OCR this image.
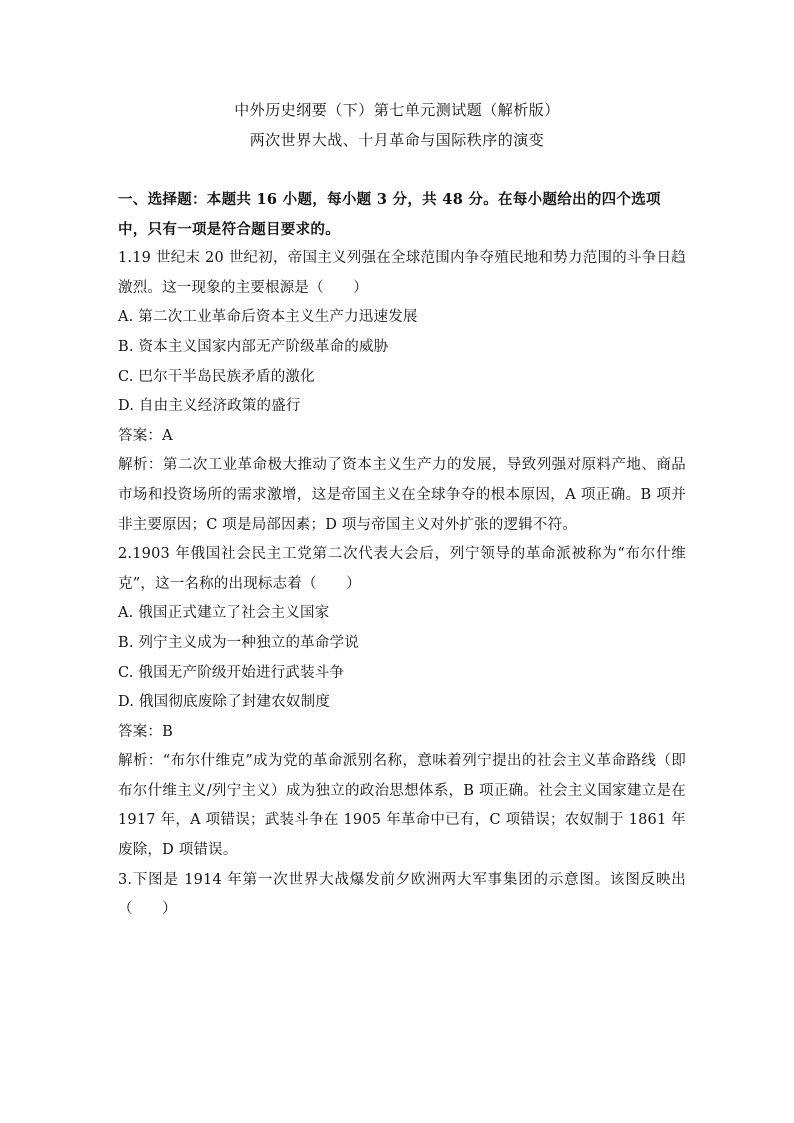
中外历史纲要（下）第七单元测试题（解析版）

两次世界大战、十月革命与国际秩序的演变

一、选择题：本题共 16 小题，每小题 3 分，共 48 分。在每小题给出的四个选项中，只有一项是符合题目要求的。

1.19 世纪末 20 世纪初，帝国主义列强在全球范围内争夺殖民地和势力范围的斗争日趋激烈。这一现象的主要根源是（　　）

A. 第二次工业革命后资本主义生产力迅速发展

B. 资本主义国家内部无产阶级革命的威胁

C. 巴尔干半岛民族矛盾的激化

D. 自由主义经济政策的盛行

答案：A

解析：第二次工业革命极大推动了资本主义生产力的发展，导致列强对原料产地、商品市场和投资场所的需求激增，这是帝国主义在全球争夺的根本原因，A 项正确。B 项并非主要原因；C 项是局部因素；D 项与帝国主义对外扩张的逻辑不符。

2.1903 年俄国社会民主工党第二次代表大会后，列宁领导的革命派被称为“布尔什维克”，这一名称的出现标志着（　　）

A. 俄国正式建立了社会主义国家

B. 列宁主义成为一种独立的革命学说

C. 俄国无产阶级开始进行武装斗争

D. 俄国彻底废除了封建农奴制度

答案：B

解析：“布尔什维克”成为党的革命派别名称，意味着列宁提出的社会主义革命路线（即布尔什维主义/列宁主义）成为独立的政治思想体系，B 项正确。社会主义国家建立是在 1917 年，A 项错误；武装斗争在 1905 年革命中已有，C 项错误；农奴制于 1861 年废除，D 项错误。

3.下图是 1914 年第一次世界大战爆发前夕欧洲两大军事集团的示意图。该图反映出（　　）
